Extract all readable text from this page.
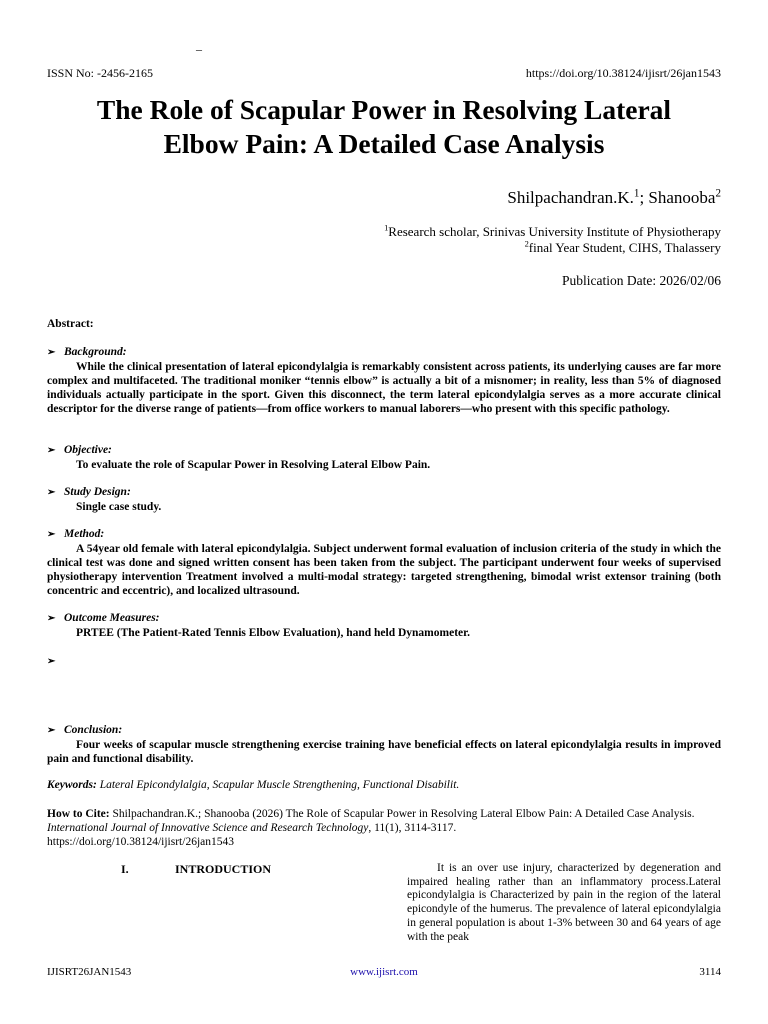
–
ISSN No: -2456-2165	https://doi.org/10.38124/ijisrt/26jan1543
The Role of Scapular Power in Resolving Lateral
Elbow Pain: A Detailed Case Analysis
Shilpachandran.K.$^1$; Shanooba$^2$
$^1$Research scholar, Srinivas University Institute of Physiotherapy
$^2$final Year Student, CIHS, Thalassery
Publication Date: 2026/02/06
Abstract:
➢ Background:

While the clinical presentation of lateral epicondylalgia is remarkably consistent across patients, its underlying causes are far more complex and multifaceted. The traditional moniker “tennis elbow” is actually a bit of a misnomer; in reality, less than 5% of diagnosed individuals actually participate in the sport. Given this disconnect, the term lateral epicondylalgia serves as a more accurate clinical descriptor for the diverse range of patients—from office workers to manual laborers—who present with this specific pathology.

➢ Objective:

To evaluate the role of Scapular Power in Resolving Lateral Elbow Pain.

➢ Study Design:

Single case study.

➢ Method:

A 54year old female with lateral epicondylalgia. Subject underwent formal evaluation of inclusion criteria of the study in which the clinical test was done and signed written consent has been taken from the subject. The participant underwent four weeks of supervised physiotherapy intervention Treatment involved a multi-modal strategy: targeted strengthening, bimodal wrist extensor training (both concentric and eccentric), and localized ultrasound.

➢ Outcome Measures:

PRTEE (The Patient-Rated Tennis Elbow Evaluation), hand held Dynamometer.

➢
➢ Conclusion:

Four weeks of scapular muscle strengthening exercise training have beneficial effects on lateral epicondylalgia results in improved pain and functional disability.

Keywords: Lateral Epicondylalgia, Scapular Muscle Strengthening, Functional Disabilit.
How to Cite: Shilpachandran.K.; Shanooba (2026) The Role of Scapular Power in Resolving Lateral Elbow Pain: A Detailed Case Analysis. International Journal of Innovative Science and Research Technology, 11(1), 3114-3117.
https://doi.org/10.38124/ijisrt/26jan1543
I.	INTRODUCTION	It is an over use injury, characterized by degeneration and impaired healing rather than an inflammatory process.Lateral epicondylalgia is Characterized by pain in the region of the lateral epicondyle of the humerus. The prevalence of lateral epicondylalgia in general population is about 1-3% between 30 and 64 years of age with the peak

IJISRT26JAN1543	www.ijisrt.com	3114
